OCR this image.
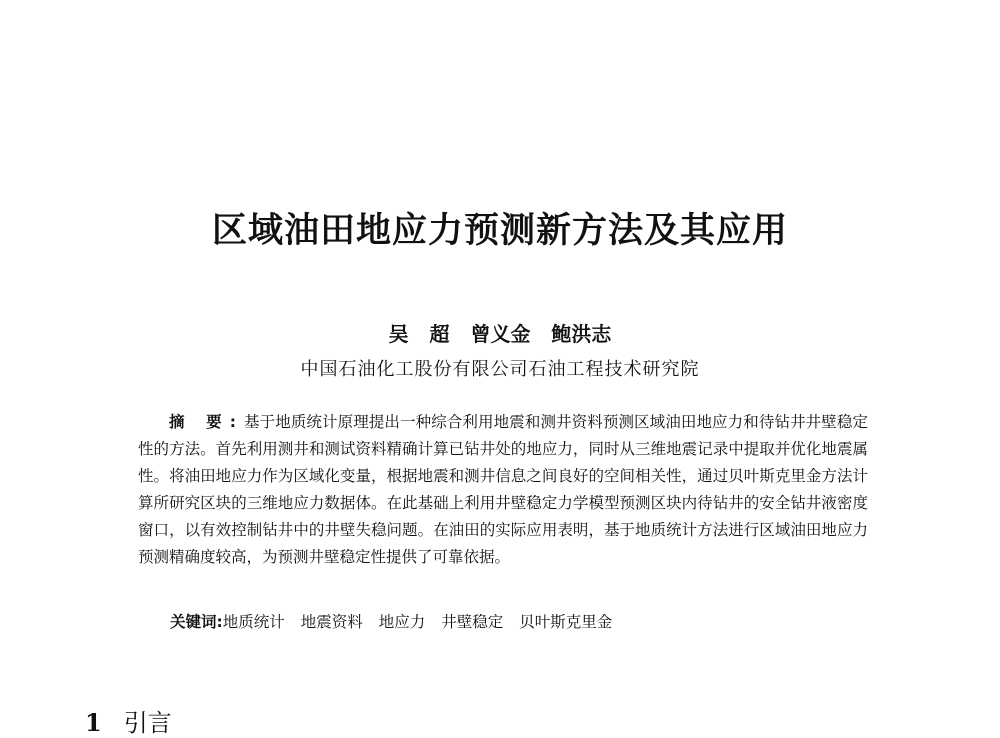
区域油田地应力预测新方法及其应用
吴 超 曾义金 鲍洪志
中国石油化工股份有限公司石油工程技术研究院
摘 要:基于地质统计原理提出一种综合利用地震和测井资料预测区域油田地应力和待钻井井壁稳定性的方法。首先利用测井和测试资料精确计算已钻井处的地应力，同时从三维地震记录中提取并优化地震属性。将油田地应力作为区域化变量，根据地震和测井信息之间良好的空间相关性，通过贝叶斯克里金方法计算所研究区块的三维地应力数据体。在此基础上利用井壁稳定力学模型预测区块内待钻井的安全钻井液密度窗口，以有效控制钻井中的井壁失稳问题。在油田的实际应用表明，基于地质统计方法进行区域油田地应力预测精确度较高，为预测井壁稳定性提供了可靠依据。
关键词:地质统计 地震资料 地应力 井壁稳定 贝叶斯克里金
1 引言
